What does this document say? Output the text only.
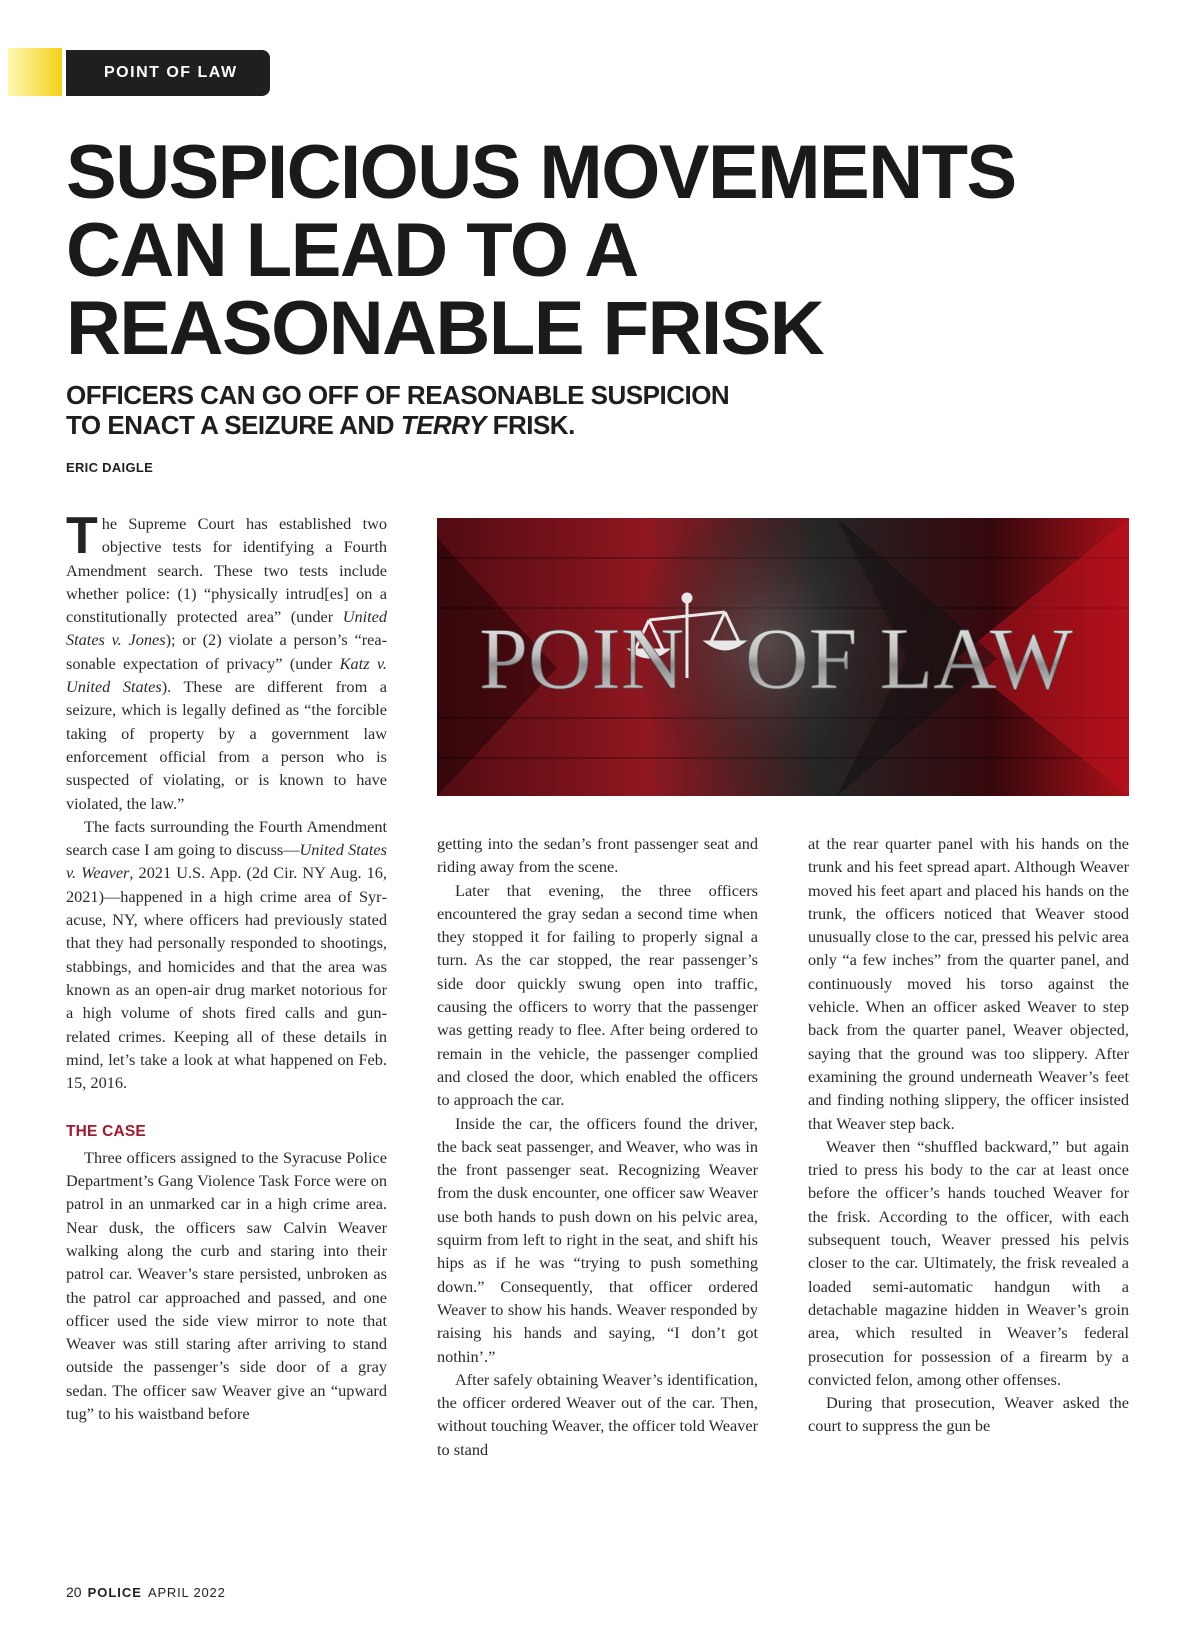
POINT OF LAW
SUSPICIOUS MOVEMENTS
CAN LEAD TO A
REASONABLE FRISK
OFFICERS CAN GO OFF OF REASONABLE SUSPICION
TO ENACT A SEIZURE AND TERRY FRISK.
ERIC DAIGLE

The Supreme Court has established two objective tests for identifying a Fourth Amendment search. These two tests include whether police: (1) “physically intrud[es] on a constitutionally protected area” (under United States v. Jones); or (2) violate a person’s “reasonable expectation of privacy” (under Katz v. United States). These are different from a seizure, which is legally defined as “the forcible taking of property by a government law enforcement official from a person who is suspected of violating, or is known to have violated, the law.”

The facts surrounding the Fourth Amendment search case I am going to discuss—United States v. Weaver, 2021 U.S. App. (2d Cir. NY Aug. 16, 2021)—happened in a high crime area of Syracuse, NY, where officers had previously stated that they had personally responded to shootings, stabbings, and homicides and that the area was known as an open-air drug market notorious for a high volume of shots fired calls and gun-related crimes. Keeping all of these details in mind, let’s take a look at what happened on Feb. 15, 2016.

THE CASE

Three officers assigned to the Syracuse Police Department’s Gang Violence Task Force were on patrol in an unmarked car in a high crime area. Near dusk, the officers saw Calvin Weaver walking along the curb and staring into their patrol car. Weaver’s stare persisted, unbroken as the patrol car approached and passed, and one officer used the side view mirror to note that Weaver was still staring after arriving to stand outside the passenger’s side door of a gray sedan. The officer saw Weaver give an “upward tug” to his waistband before

POIN OF LAW

getting into the sedan’s front passenger seat and riding away from the scene.

Later that evening, the three officers encountered the gray sedan a second time when they stopped it for failing to properly signal a turn. As the car stopped, the rear passenger’s side door quickly swung open into traffic, causing the officers to worry that the passenger was getting ready to flee. After being ordered to remain in the vehicle, the passenger complied and closed the door, which enabled the officers to approach the car.

Inside the car, the officers found the driver, the back seat passenger, and Weaver, who was in the front passenger seat. Recognizing Weaver from the dusk encounter, one officer saw Weaver use both hands to push down on his pelvic area, squirm from left to right in the seat, and shift his hips as if he was “trying to push something down.” Consequently, that officer ordered Weaver to show his hands. Weaver responded by raising his hands and saying, “I don’t got nothin’.”

After safely obtaining Weaver’s identification, the officer ordered Weaver out of the car. Then, without touching Weaver, the officer told Weaver to stand

at the rear quarter panel with his hands on the trunk and his feet spread apart. Although Weaver moved his feet apart and placed his hands on the trunk, the officers noticed that Weaver stood unusually close to the car, pressed his pelvic area only “a few inches” from the quarter panel, and continuously moved his torso against the vehicle. When an officer asked Weaver to step back from the quarter panel, Weaver objected, saying that the ground was too slippery. After examining the ground underneath Weaver’s feet and finding nothing slippery, the officer insisted that Weaver step back.

Weaver then “shuffled backward,” but again tried to press his body to the car at least once before the officer’s hands touched Weaver for the frisk. According to the officer, with each subsequent touch, Weaver pressed his pelvis closer to the car. Ultimately, the frisk revealed a loaded semi-automatic handgun with a detachable magazine hidden in Weaver’s groin area, which resulted in Weaver’s federal prosecution for possession of a firearm by a convicted felon, among other offenses.

During that prosecution, Weaver asked the court to suppress the gun be

20 POLICE APRIL 2022
